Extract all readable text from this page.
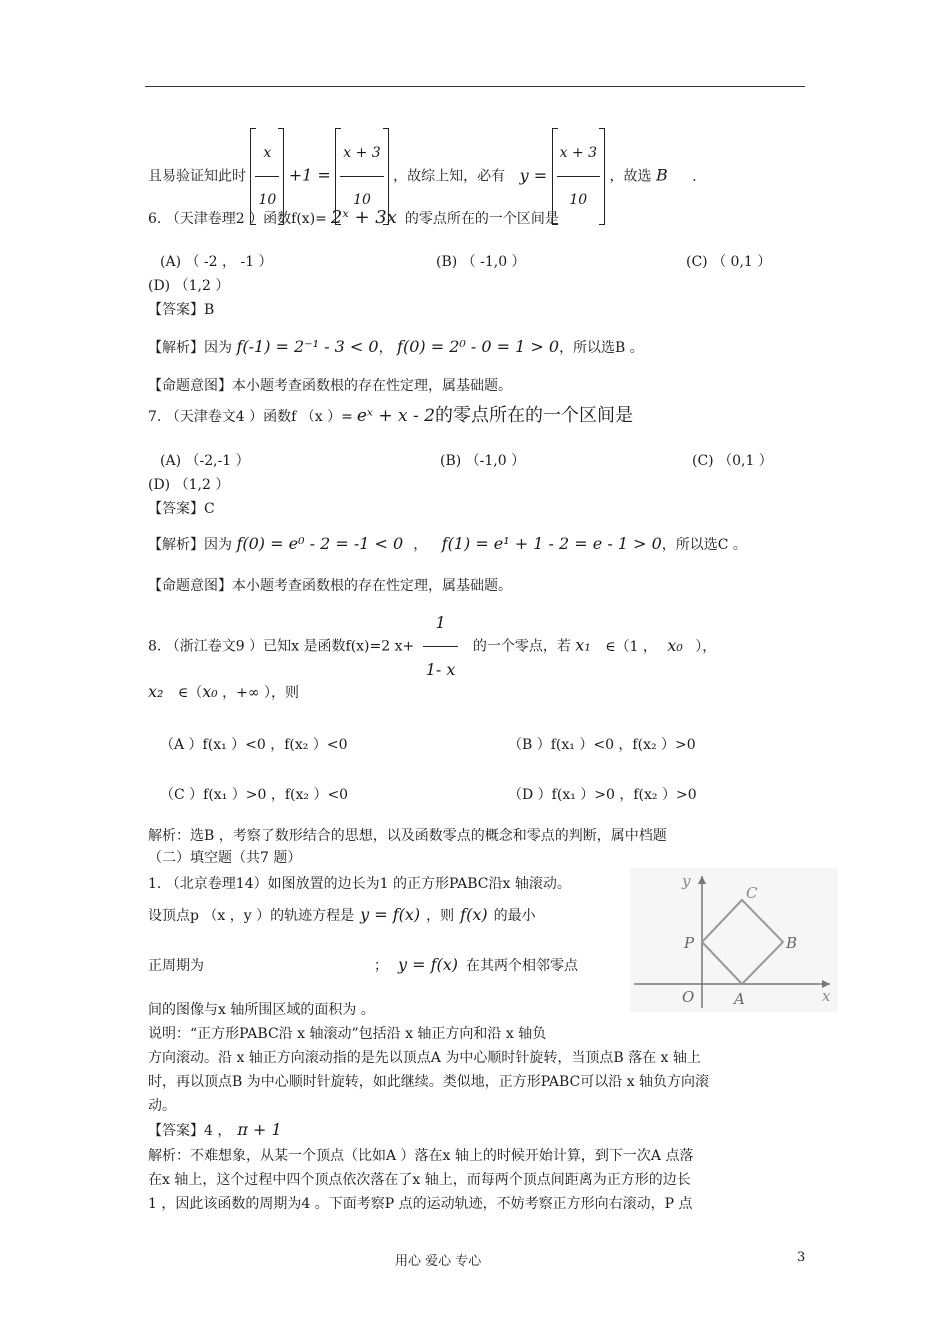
且易验证知此时 $\frac{x}{10} +1 = \frac{x + 3}{10}$ ，故综上知，必有 $y = \frac{x + 3}{10}$ ，故选 B .
6. （天津卷理2 ）函数f(x)= 2ˣ + 3x 的零点所在的一个区间是
(A) （ -2 ， -1 ）	(B) （ -1,0 ）	(C) （ 0,1 ）
(D) （1,2 ）
【答案】B
【解析】因为 f(-1) = 2⁻¹ - 3 < 0， f(0) = 2⁰ - 0 = 1 > 0，所以选B 。
【命题意图】本小题考查函数根的存在性定理，属基础题。
7. （天津卷文4 ）函数f （x ）= eˣ + x - 2的零点所在的一个区间是
(A) （-2,-1 ）	(B) （-1,0 ）	(C) （0,1 ）
(D) （1,2 ）
【答案】C
【解析】因为 f(0) = e⁰ - 2 = -1 < 0 ， f(1) = e¹ + 1 - 2 = e - 1 > 0，所以选C 。
【命题意图】本小题考查函数根的存在性定理，属基础题。
8. （浙江卷文9 ）已知x 是函数f(x)=2 $x+ \frac{1}{1- x}$ 的一个零点，若 x₁ ∈（1 ， x₀ ），
x₂ ∈（x₀ ，+∞ ），则
（A ）f(x₁ ）<0 ，f(x₂ ）<0	（B ）f(x₁ ）<0 ，f(x₂ ）>0
（C ）f(x₁ ）>0 ，f(x₂ ）<0	（D ）f(x₁ ）>0 ，f(x₂ ）>0
解析：选B ，考察了数形结合的思想，以及函数零点的概念和零点的判断，属中档题
（二）填空题（共7 题）
1. （北京卷理14）如图放置的边长为1 的正方形PABC沿x 轴滚动。
设顶点p （x ，y ）的轨迹方程是 y = f(x) ，则 f(x) 的最小
正周期为	； y = f(x) 在其两个相邻零点
间的图像与x 轴所围区域的面积为 。
说明：“正方形PABC沿 x 轴滚动”包括沿 x 轴正方向和沿 x 轴负
方向滚动。沿 x 轴正方向滚动指的是先以顶点A 为中心顺时针旋转，当顶点B 落在 x 轴上
时，再以顶点B 为中心顺时针旋转，如此继续。类似地，正方形PABC可以沿 x 轴负方向滚
动。
【答案】4 ， π + 1
解析：不难想象，从某一个顶点（比如A ）落在x 轴上的时候开始计算，到下一次A 点落
在x 轴上，这个过程中四个顶点依次落在了x 轴上，而每两个顶点间距离为正方形的边长
1 ，因此该函数的周期为4 。下面考察P 点的运动轨迹，不妨考察正方形向右滚动，P 点
y
x
O
P
A
B
C
用心 爱心 专心	3
